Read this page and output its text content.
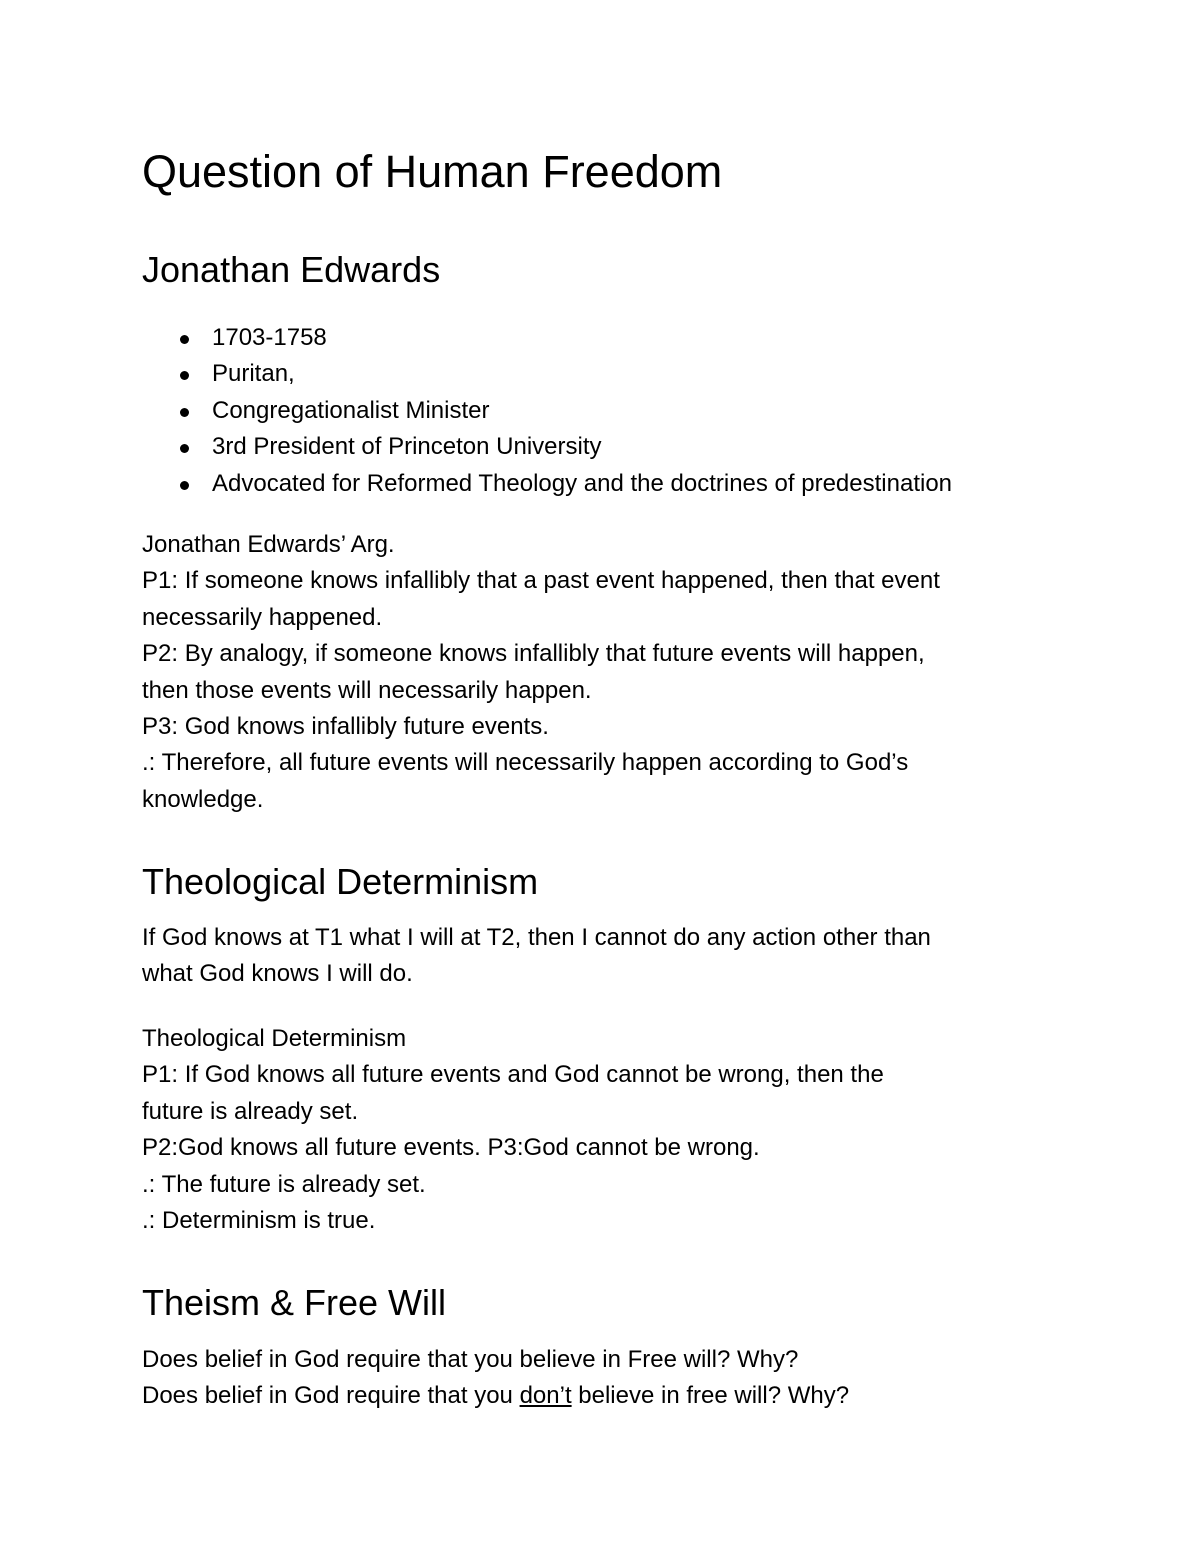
Question of Human Freedom
Jonathan Edwards
1703-1758
Puritan,
Congregationalist Minister
3rd President of Princeton University
Advocated for Reformed Theology and the doctrines of predestination
Jonathan Edwards’ Arg.
P1: If someone knows infallibly that a past event happened, then that event
necessarily happened.
P2: By analogy, if someone knows infallibly that future events will happen,
then those events will necessarily happen.
P3: God knows infallibly future events.
.: Therefore, all future events will necessarily happen according to God’s
knowledge.
Theological Determinism
If God knows at T1 what I will at T2, then I cannot do any action other than
what God knows I will do.
Theological Determinism
P1: If God knows all future events and God cannot be wrong, then the
future is already set.
P2:God knows all future events. P3:God cannot be wrong.
.: The future is already set.
.: Determinism is true.
Theism & Free Will
Does belief in God require that you believe in Free will? Why?
Does belief in God require that you don’t believe in free will? Why?
